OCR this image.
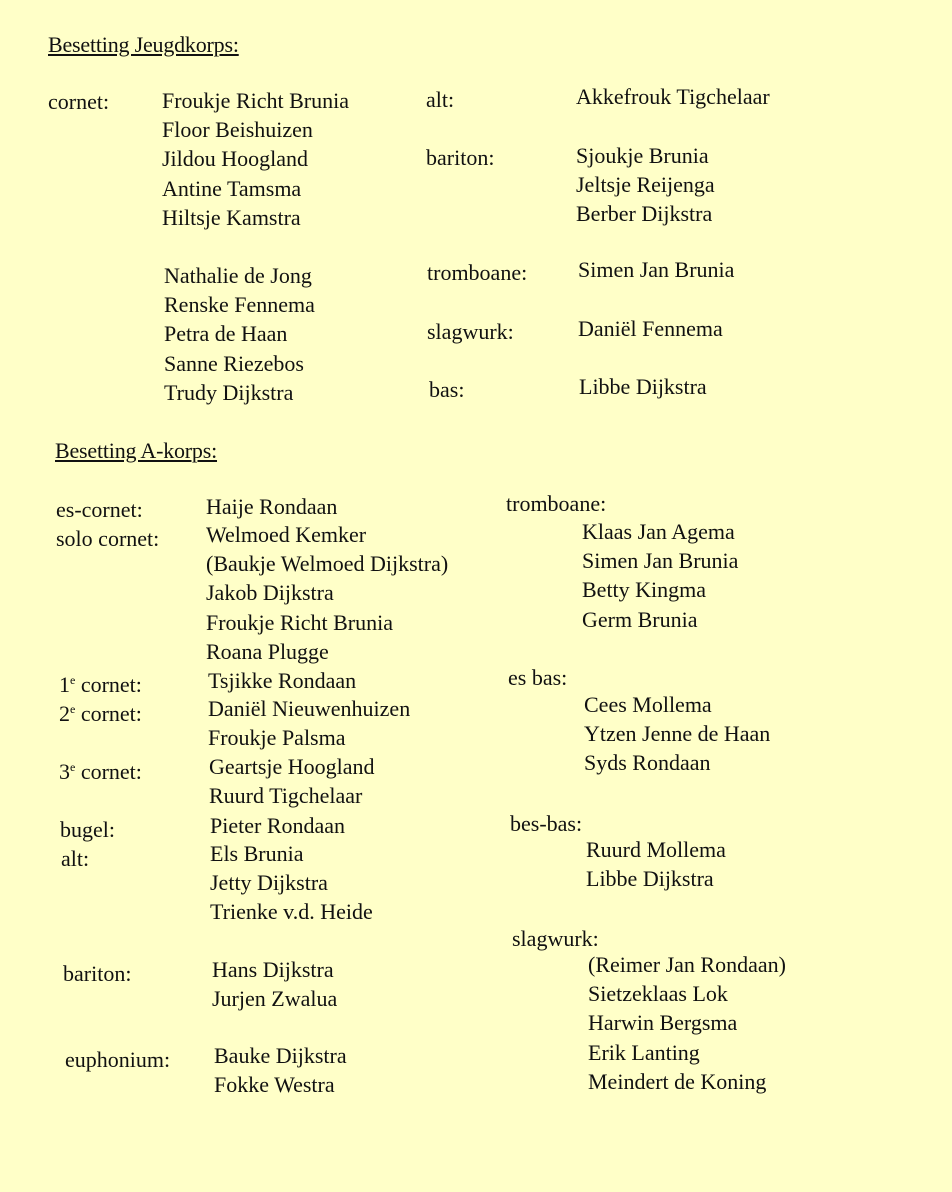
Besetting Jeugdkorps:
cornet: Froukje Richt Brunia
Floor Beishuizen
Jildou Hoogland
Antine Tamsma
Hiltsje Kamstra
Nathalie de Jong
Renske Fennema
Petra de Haan
Sanne Riezebos
Trudy Dijkstra
alt:	Akkefrouk Tigchelaar
bariton:	Sjoukje Brunia
Jeltsje Reijenga
Berber Dijkstra
tromboane: Simen Jan Brunia
slagwurk:	Daniël Fennema
bas:	Libbe Dijkstra
Besetting A-korps:
es-cornet:	Haije Rondaan
solo cornet: Welmoed Kemker
(Baukje Welmoed Dijkstra)
Jakob Dijkstra
Froukje Richt Brunia
Roana Plugge
1e cornet:	Tsjikke Rondaan
2e cornet:	Daniël Nieuwenhuizen
Froukje Palsma
3e cornet:	Geartsje Hoogland
Ruurd Tigchelaar
bugel:	Pieter Rondaan
alt:	Els Brunia
Jetty Dijkstra
Trienke v.d. Heide
bariton:	Hans Dijkstra
Jurjen Zwalua
euphonium: Bauke Dijkstra
Fokke Westra
tromboane:
Klaas Jan Agema
Simen Jan Brunia
Betty Kingma
Germ Brunia
es bas:
Cees Mollema
Ytzen Jenne de Haan
Syds Rondaan
bes-bas:
Ruurd Mollema
Libbe Dijkstra
slagwurk:
(Reimer Jan Rondaan)
Sietzeklaas Lok
Harwin Bergsma
Erik Lanting
Meindert de Koning
